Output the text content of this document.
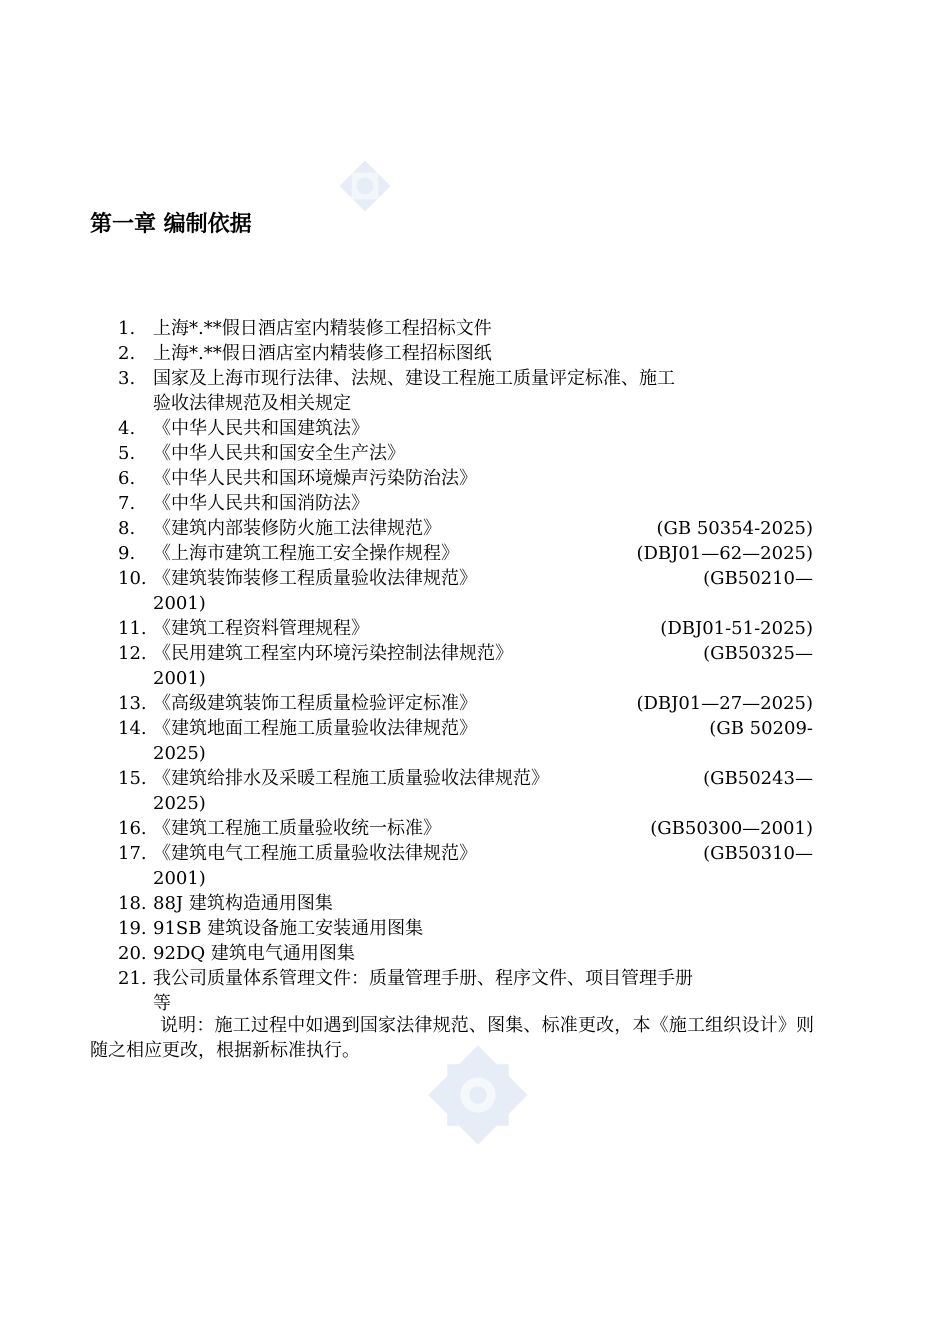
第一章 编制依据
1. 上海*.**假日酒店室内精装修工程招标文件
2. 上海*.**假日酒店室内精装修工程招标图纸
3. 国家及上海市现行法律、法规、建设工程施工质量评定标准、施工
验收法律规范及相关规定
4. 《中华人民共和国建筑法》
5. 《中华人民共和国安全生产法》
6. 《中华人民共和国环境燥声污染防治法》
7. 《中华人民共和国消防法》
8. 《建筑内部装修防火施工法律规范》	(GB 50354-2025)
9. 《上海市建筑工程施工安全操作规程》	(DBJ01—62—2025)
10. 《建筑装饰装修工程质量验收法律规范》	(GB50210—
2001)
11. 《建筑工程资料管理规程》	(DBJ01-51-2025)
12. 《民用建筑工程室内环境污染控制法律规范》	(GB50325—
2001)
13. 《高级建筑装饰工程质量检验评定标准》	(DBJ01—27—2025)
14. 《建筑地面工程施工质量验收法律规范》	(GB 50209-
2025)
15. 《建筑给排水及采暖工程施工质量验收法律规范》	(GB50243—
2025)
16. 《建筑工程施工质量验收统一标准》	(GB50300—2001)
17. 《建筑电气工程施工质量验收法律规范》	(GB50310—
2001)
18. 88J 建筑构造通用图集
19. 91SB 建筑设备施工安装通用图集
20. 92DQ 建筑电气通用图集
21. 我公司质量体系管理文件：质量管理手册、程序文件、项目管理手册
等

说明：施工过程中如遇到国家法律规范、图集、标准更改，本《施工组织设计》则随之相应更改，根据新标准执行。
